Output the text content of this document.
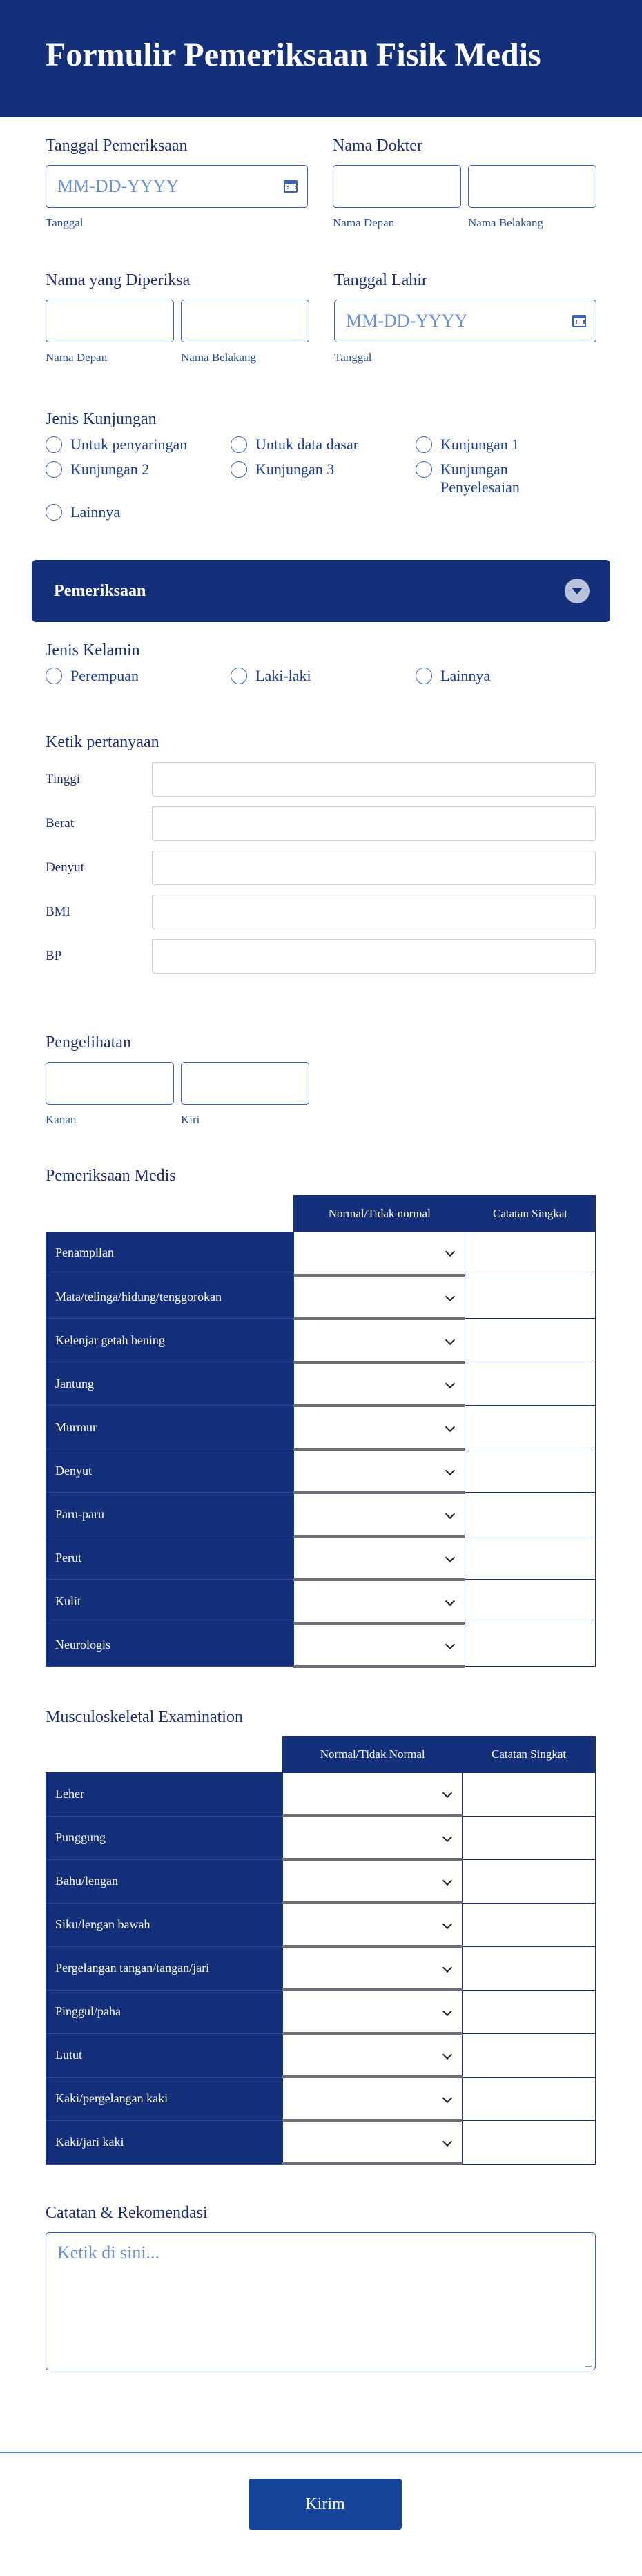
Formulir Pemeriksaan Fisik Medis
Tanggal Pemeriksaan
MM-DD-YYYY
Tanggal
Nama Dokter
Nama Depan	Nama Belakang
Nama yang Diperiksa
Nama Depan	Nama Belakang
Tanggal Lahir
MM-DD-YYYY
Tanggal
Jenis Kunjungan
Untuk penyaringan	Untuk data dasar	Kunjungan 1
Kunjungan 2	Kunjungan 3	Kunjungan Penyelesaian
Lainnya
Pemeriksaan
Jenis Kelamin
Perempuan	Laki-laki	Lainnya
Ketik pertanyaan
Tinggi
Berat
Denyut
BMI
BP
Pengelihatan
Kanan	Kiri
Pemeriksaan Medis
	Normal/Tidak normal	Catatan Singkat
Penampilan	

Mata/telinga/hidung/tenggorokan	

Kelenjar getah bening	

Jantung	

Murmur	

Denyut	

Paru-paru	

Perut	

Kulit	

Neurologis	

Musculoskeletal Examination
	Normal/Tidak Normal	Catatan Singkat
Leher	

Punggung	

Bahu/lengan	

Siku/lengan bawah	

Pergelangan tangan/tangan/jari	

Pinggul/paha	

Lutut	

Kaki/pergelangan kaki	

Kaki/jari kaki	

Catatan & Rekomendasi
Ketik di sini...
Kirim
